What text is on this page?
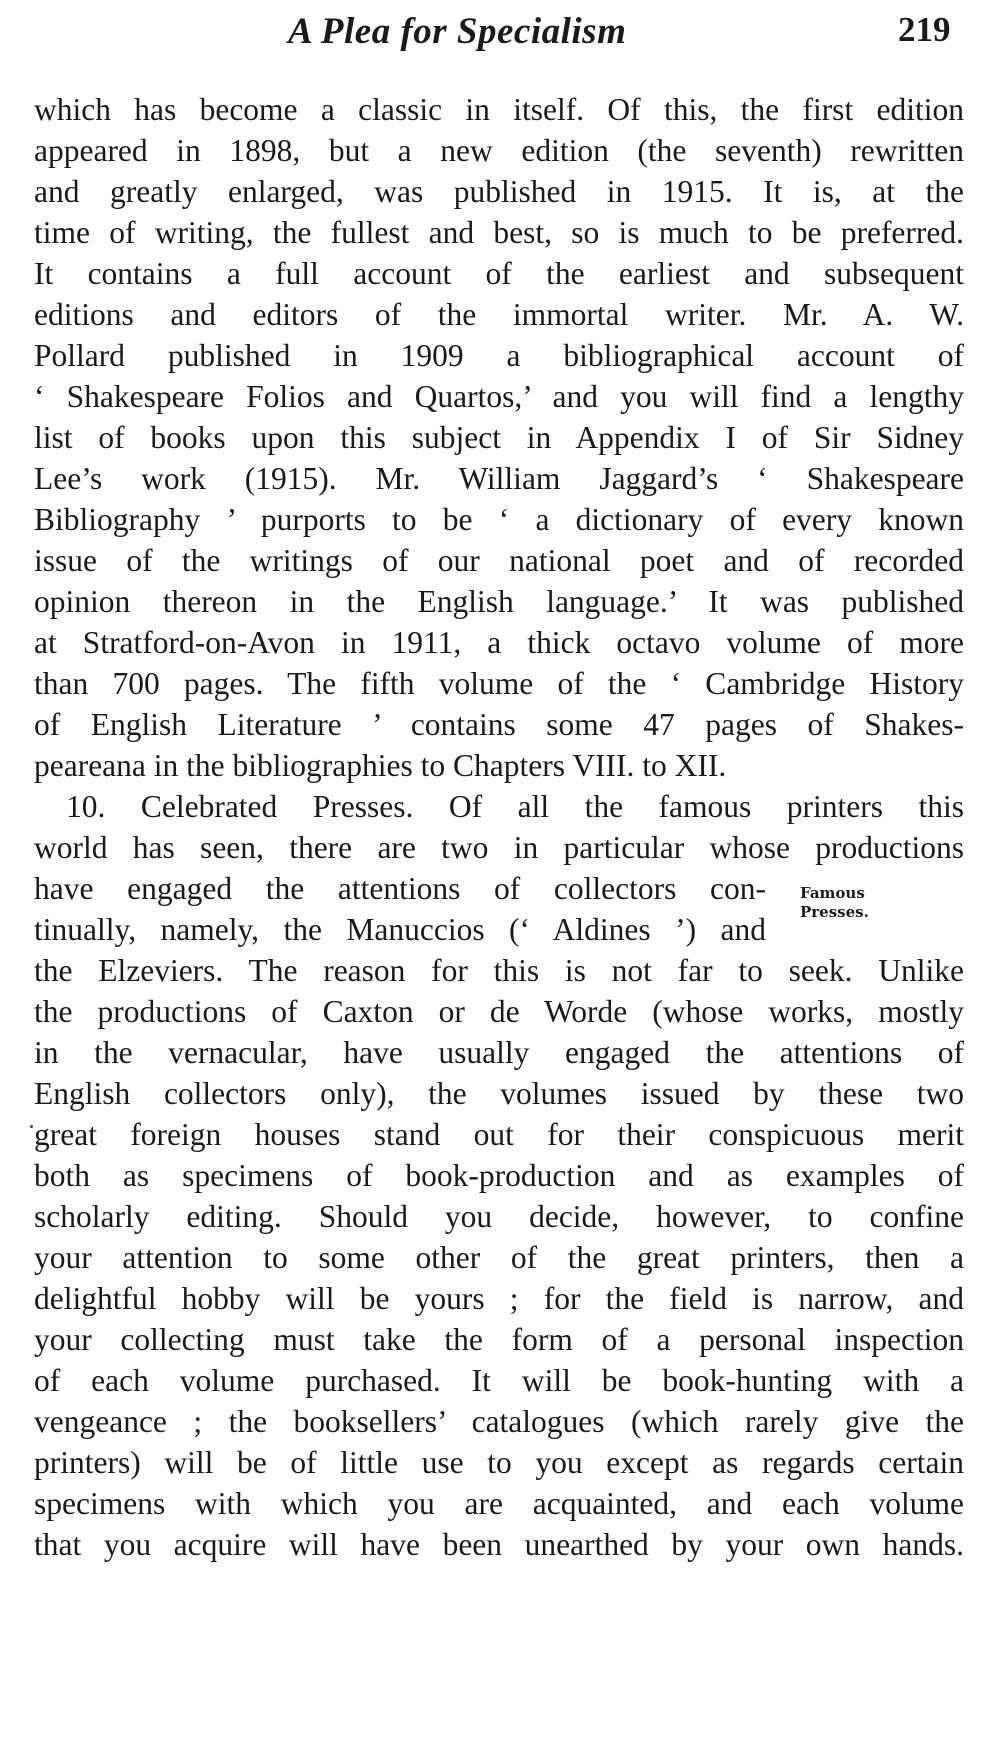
A Plea for Specialism	219
which has become a classic in itself. Of this, the first edition
appeared in 1898, but a new edition (the seventh) rewritten
and greatly enlarged, was published in 1915. It is, at the
time of writing, the fullest and best, so is much to be preferred.
It contains a full account of the earliest and subsequent
editions and editors of the immortal writer. Mr. A. W.
Pollard published in 1909 a bibliographical account of
‘ Shakespeare Folios and Quartos,’ and you will find a lengthy
list of books upon this subject in Appendix I of Sir Sidney
Lee’s work (1915). Mr. William Jaggard’s ‘ Shakespeare
Bibliography ’ purports to be ‘ a dictionary of every known
issue of the writings of our national poet and of recorded
opinion thereon in the English language.’ It was published
at Stratford-on-Avon in 1911, a thick octavo volume of more
than 700 pages. The fifth volume of the ‘ Cambridge History
of English Literature ’ contains some 47 pages of Shakes-
peareana in the bibliographies to Chapters VIII. to XII.
10. Celebrated Presses. Of all the famous printers this
world has seen, there are two in particular whose productions
have engaged the attentions of collectors con-
tinually, namely, the Manuccios (‘ Aldines ’) and
the Elzeviers. The reason for this is not far to seek. Unlike
the productions of Caxton or de Worde (whose works, mostly
in the vernacular, have usually engaged the attentions of
English collectors only), the volumes issued by these two
great foreign houses stand out for their conspicuous merit
both as specimens of book-production and as examples of
scholarly editing. Should you decide, however, to confine
your attention to some other of the great printers, then a
delightful hobby will be yours ; for the field is narrow, and
your collecting must take the form of a personal inspection
of each volume purchased. It will be book-hunting with a
vengeance ; the booksellers’ catalogues (which rarely give the
printers) will be of little use to you except as regards certain
specimens with which you are acquainted, and each volume
that you acquire will have been unearthed by your own hands.
Famous
Presses.
